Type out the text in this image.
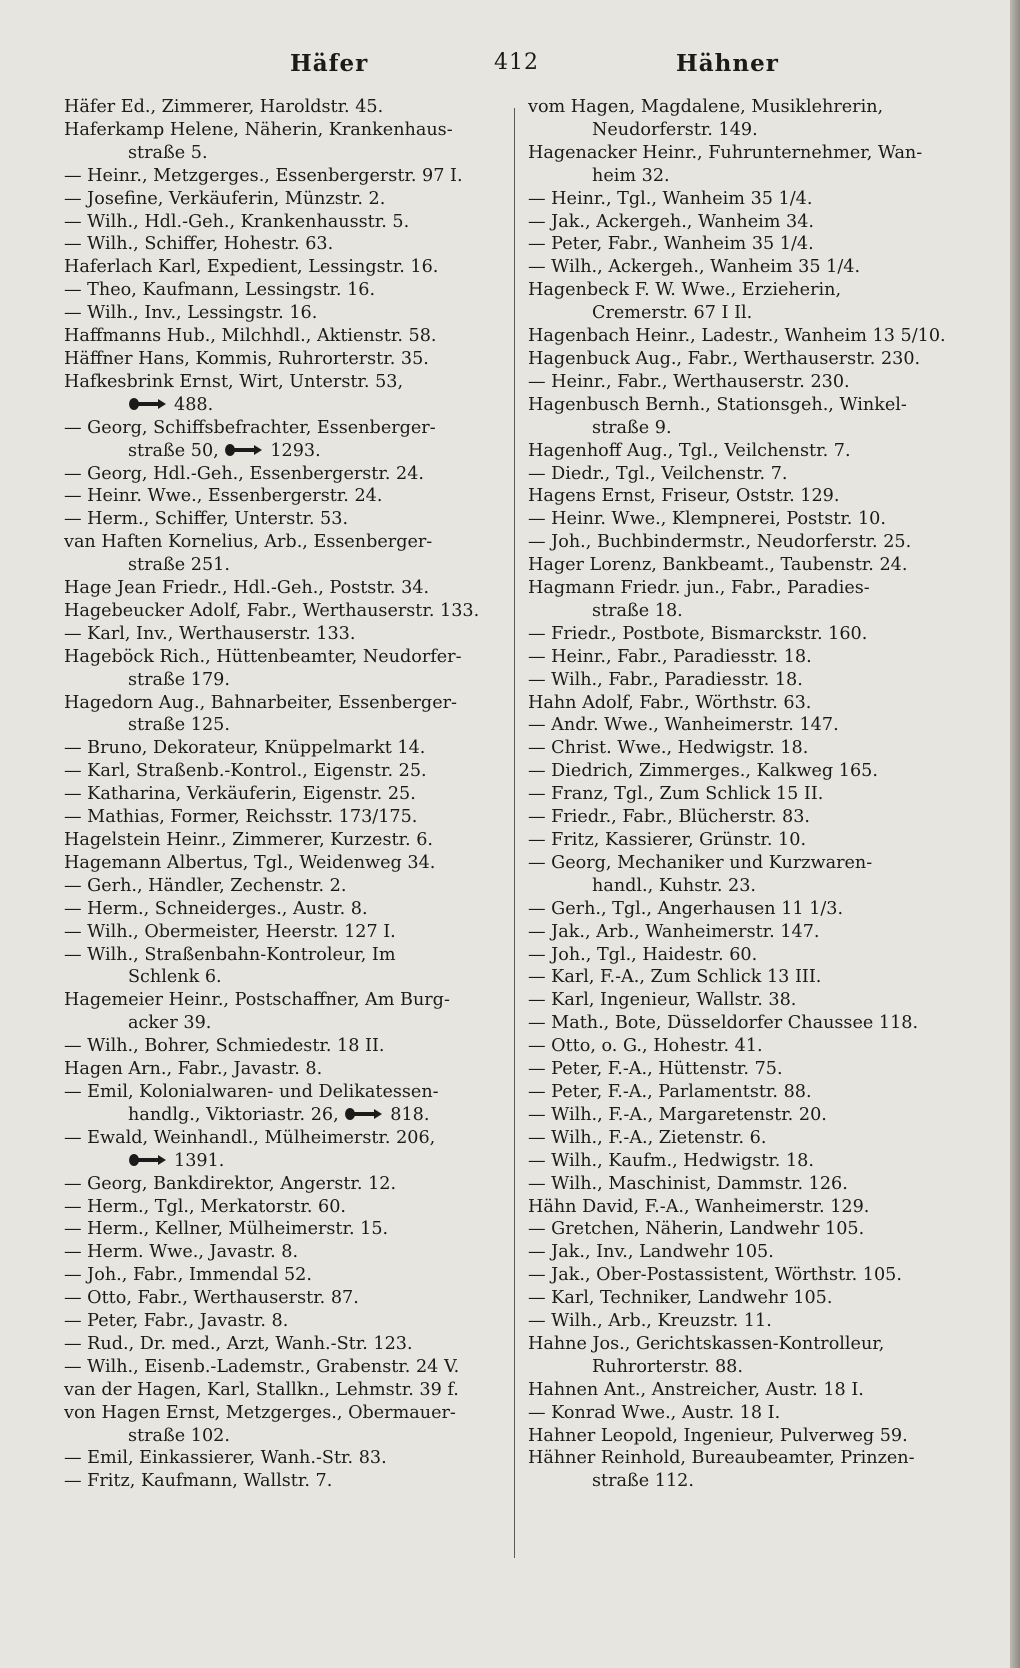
Häfer	412	Hähner
Häfer Ed., Zimmerer, Haroldstr. 45.
Haferkamp Helene, Näherin, Krankenhaus-
straße 5.
— Heinr., Metzgerges., Essenbergerstr. 97 I.
— Josefine, Verkäuferin, Münzstr. 2.
— Wilh., Hdl.-Geh., Krankenhausstr. 5.
— Wilh., Schiffer, Hohestr. 63.
Haferlach Karl, Expedient, Lessingstr. 16.
— Theo, Kaufmann, Lessingstr. 16.
— Wilh., Inv., Lessingstr. 16.
Haffmanns Hub., Milchhdl., Aktienstr. 58.
Häffner Hans, Kommis, Ruhrorterstr. 35.
Hafkesbrink Ernst, Wirt, Unterstr. 53,
488.
— Georg, Schiffsbefrachter, Essenberger-
straße 50,	1293.
— Georg, Hdl.-Geh., Essenbergerstr. 24.
— Heinr. Wwe., Essenbergerstr. 24.
— Herm., Schiffer, Unterstr. 53.
van Haften Kornelius, Arb., Essenberger-
straße 251.
Hage Jean Friedr., Hdl.-Geh., Poststr. 34.
Hagebeucker Adolf, Fabr., Werthauserstr. 133.
— Karl, Inv., Werthauserstr. 133.
Hageböck Rich., Hüttenbeamter, Neudorfer-
straße 179.
Hagedorn Aug., Bahnarbeiter, Essenberger-
straße 125.
— Bruno, Dekorateur, Knüppelmarkt 14.
— Karl, Straßenb.-Kontrol., Eigenstr. 25.
— Katharina, Verkäuferin, Eigenstr. 25.
— Mathias, Former, Reichsstr. 173/175.
Hagelstein Heinr., Zimmerer, Kurzestr. 6.
Hagemann Albertus, Tgl., Weidenweg 34.
— Gerh., Händler, Zechenstr. 2.
— Herm., Schneiderges., Austr. 8.
— Wilh., Obermeister, Heerstr. 127 I.
— Wilh., Straßenbahn-Kontroleur, Im
Schlenk 6.
Hagemeier Heinr., Postschaffner, Am Burg-
acker 39.
— Wilh., Bohrer, Schmiedestr. 18 II.
Hagen Arn., Fabr., Javastr. 8.
— Emil, Kolonialwaren- und Delikatessen-
handlg., Viktoriastr. 26,	818.
— Ewald, Weinhandl., Mülheimerstr. 206,
1391.
— Georg, Bankdirektor, Angerstr. 12.
— Herm., Tgl., Merkatorstr. 60.
— Herm., Kellner, Mülheimerstr. 15.
— Herm. Wwe., Javastr. 8.
— Joh., Fabr., Immendal 52.
— Otto, Fabr., Werthauserstr. 87.
— Peter, Fabr., Javastr. 8.
— Rud., Dr. med., Arzt, Wanh.-Str. 123.
— Wilh., Eisenb.-Lademstr., Grabenstr. 24 V.
van der Hagen, Karl, Stallkn., Lehmstr. 39 f.
von Hagen Ernst, Metzgerges., Obermauer-
straße 102.
— Emil, Einkassierer, Wanh.-Str. 83.
— Fritz, Kaufmann, Wallstr. 7.
vom Hagen, Magdalene, Musiklehrerin,
Neudorferstr. 149.
Hagenacker Heinr., Fuhrunternehmer, Wan-
heim 32.
— Heinr., Tgl., Wanheim 35 1/4.
— Jak., Ackergeh., Wanheim 34.
— Peter, Fabr., Wanheim 35 1/4.
— Wilh., Ackergeh., Wanheim 35 1/4.
Hagenbeck F. W. Wwe., Erzieherin,
Cremerstr. 67 I Il.
Hagenbach Heinr., Ladestr., Wanheim 13 5/10.
Hagenbuck Aug., Fabr., Werthauserstr. 230.
— Heinr., Fabr., Werthauserstr. 230.
Hagenbusch Bernh., Stationsgeh., Winkel-
straße 9.
Hagenhoff Aug., Tgl., Veilchenstr. 7.
— Diedr., Tgl., Veilchenstr. 7.
Hagens Ernst, Friseur, Oststr. 129.
— Heinr. Wwe., Klempnerei, Poststr. 10.
— Joh., Buchbindermstr., Neudorferstr. 25.
Hager Lorenz, Bankbeamt., Taubenstr. 24.
Hagmann Friedr. jun., Fabr., Paradies-
straße 18.
— Friedr., Postbote, Bismarckstr. 160.
— Heinr., Fabr., Paradiesstr. 18.
— Wilh., Fabr., Paradiesstr. 18.
Hahn Adolf, Fabr., Wörthstr. 63.
— Andr. Wwe., Wanheimerstr. 147.
— Christ. Wwe., Hedwigstr. 18.
— Diedrich, Zimmerges., Kalkweg 165.
— Franz, Tgl., Zum Schlick 15 II.
— Friedr., Fabr., Blücherstr. 83.
— Fritz, Kassierer, Grünstr. 10.
— Georg, Mechaniker und Kurzwaren-
handl., Kuhstr. 23.
— Gerh., Tgl., Angerhausen 11 1/3.
— Jak., Arb., Wanheimerstr. 147.
— Joh., Tgl., Haidestr. 60.
— Karl, F.-A., Zum Schlick 13 III.
— Karl, Ingenieur, Wallstr. 38.
— Math., Bote, Düsseldorfer Chaussee 118.
— Otto, o. G., Hohestr. 41.
— Peter, F.-A., Hüttenstr. 75.
— Peter, F.-A., Parlamentstr. 88.
— Wilh., F.-A., Margaretenstr. 20.
— Wilh., F.-A., Zietenstr. 6.
— Wilh., Kaufm., Hedwigstr. 18.
— Wilh., Maschinist, Dammstr. 126.
Hähn David, F.-A., Wanheimerstr. 129.
— Gretchen, Näherin, Landwehr 105.
— Jak., Inv., Landwehr 105.
— Jak., Ober-Postassistent, Wörthstr. 105.
— Karl, Techniker, Landwehr 105.
— Wilh., Arb., Kreuzstr. 11.
Hahne Jos., Gerichtskassen-Kontrolleur,
Ruhrorterstr. 88.
Hahnen Ant., Anstreicher, Austr. 18 I.
— Konrad Wwe., Austr. 18 I.
Hahner Leopold, Ingenieur, Pulverweg 59.
Hähner Reinhold, Bureaubeamter, Prinzen-
straße 112.
